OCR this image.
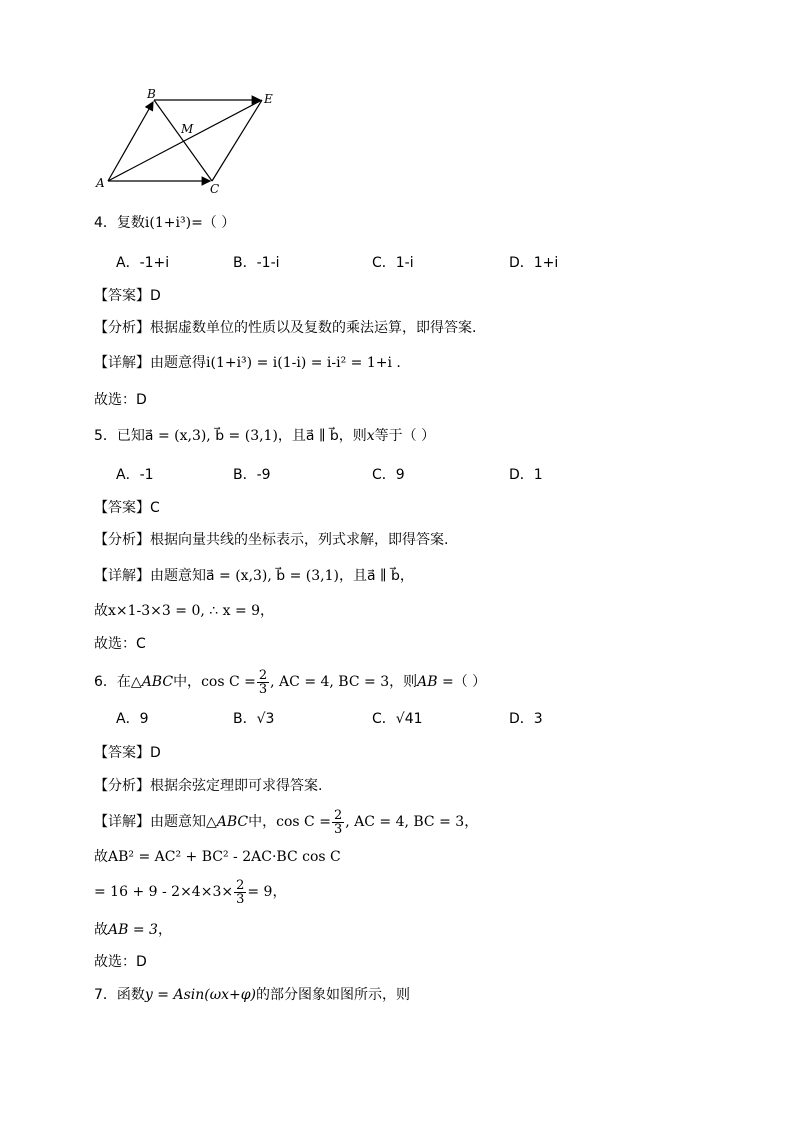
A
B	E
C
M
4．复数i(1+i³)=（ ）
A．-1+i	B．-1-i	C．1-i	D．1+i
【答案】D
【分析】根据虚数单位的性质以及复数的乘法运算，即得答案.
【详解】由题意得i(1+i³) = i(1-i) = i-i² = 1+i .
故选：D
5．已知a⃗ = (x,3), b⃗ = (3,1)，且a⃗ ∥ b⃗，则x等于（ ）
A．-1	B．-9	C．9	D．1
【答案】C
【分析】根据向量共线的坐标表示，列式求解，即得答案.
【详解】由题意知a⃗ = (x,3), b⃗ = (3,1)，且a⃗ ∥ b⃗，
故x×1-3×3 = 0, ∴ x = 9，
故选：C
6．在△ABC中，$\cos C = \frac{2}{3}$ , AC = 4, BC = 3，则AB =（ ）
A．9	B．√3	C．√41	D．3
【答案】D
【分析】根据余弦定理即可求得答案.
【详解】由题意知△ABC中，$\cos C = \frac{2}{3}$ , AC = 4, BC = 3，
故AB² = AC² + BC² - 2AC·BC cos C
= $16 + 9 - 2\times 4\times 3\times \frac{2}{3} = 9$，
故AB = 3，
故选：D
7．函数y = Asin(ωx+φ)的部分图象如图所示，则
